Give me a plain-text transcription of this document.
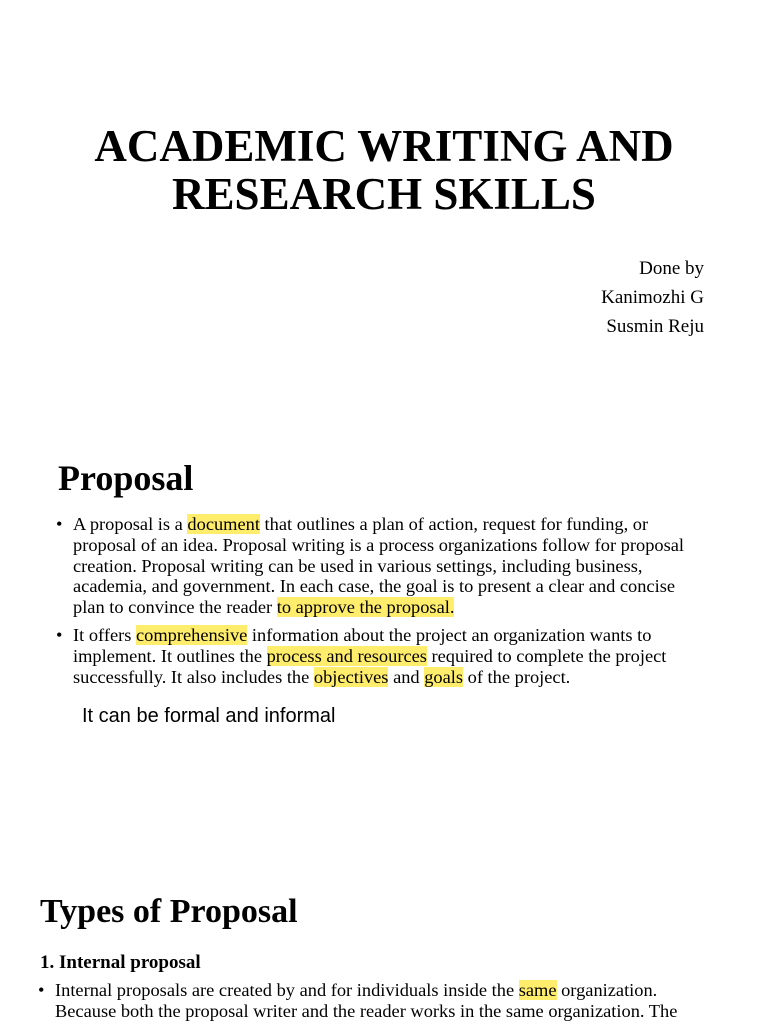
ACADEMIC WRITING AND
RESEARCH SKILLS
Done by
Kanimozhi G
Susmin Reju
Proposal
• A proposal is a document that outlines a plan of action, request for funding, or proposal of an idea. Proposal writing is a process organizations follow for proposal creation. Proposal writing can be used in various settings, including business, academia, and government. In each case, the goal is to present a clear and concise plan to convince the reader to approve the proposal.
• It offers comprehensive information about the project an organization wants to implement. It outlines the process and resources required to complete the project successfully. It also includes the objectives and goals of the project.
It can be formal and informal
Types of Proposal
1. Internal proposal
• Internal proposals are created by and for individuals inside the same organization. Because both the proposal writer and the reader works in the same organization. The
